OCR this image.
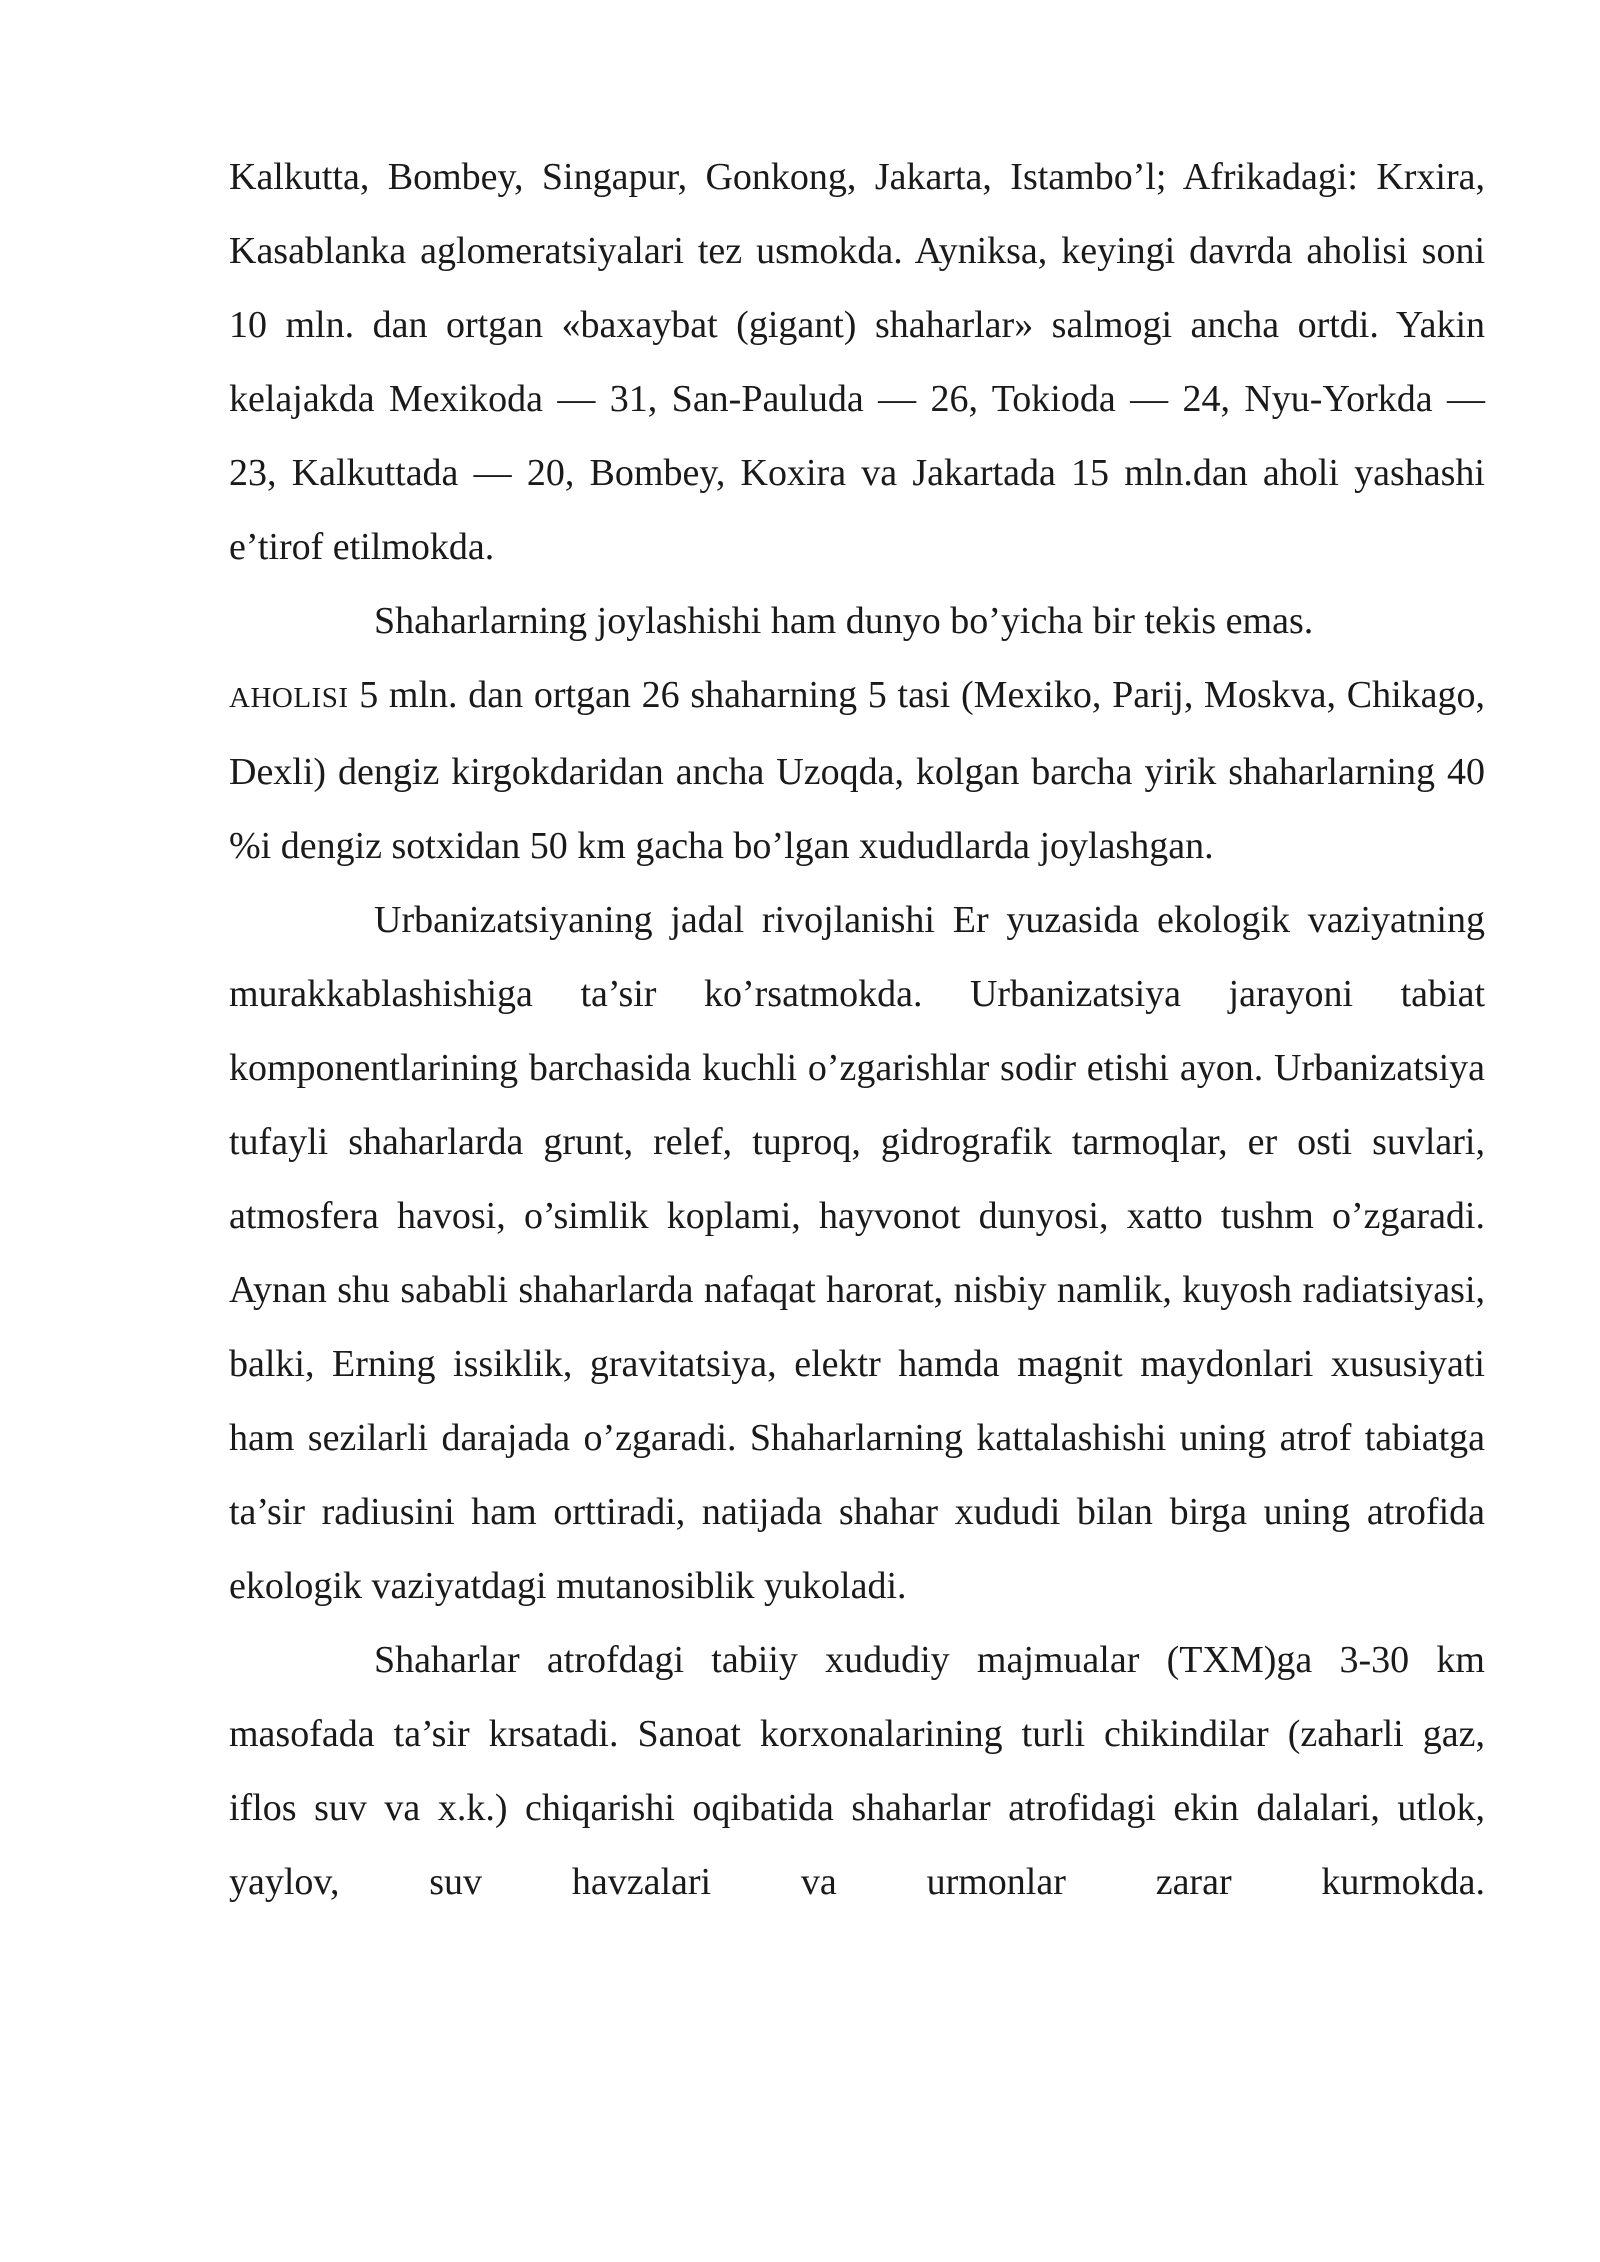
Kalkutta, Bombey, Singapur, Gonkong, Jakarta, Istambo’l; Afrikadagi: Krxira, Kasablanka aglomeratsiyalari tez usmokda. Ayniksa, keyingi davrda aholisi soni 10 mln. dan ortgan «baxaybat (gigant) shaharlar» salmogi ancha ortdi. Yakin kelajakda Mexikoda — 31, San-Pauluda — 26, Tokioda — 24, Nyu-Yorkda — 23, Kalkuttada — 20, Bombey, Koxira va Jakartada 15 mln.dan aholi yashashi e’tirof etilmokda.

Shaharlarning joylashishi ham dunyo bo’yicha bir tekis emas.
AHOLISI 5 mln. dan ortgan 26 shaharning 5 tasi (Mexiko, Parij, Moskva, Chikago, Dexli) dengiz kirgokdaridan ancha Uzoqda, kolgan barcha yirik shaharlarning 40 %i dengiz sotxidan 50 km gacha bo’lgan xududlarda joylashgan.

Urbanizatsiyaning jadal rivojlanishi Er yuzasida ekologik vaziyatning murakkablashishiga ta’sir ko’rsatmokda. Urbanizatsiya jarayoni tabiat komponentlarining barchasida kuchli o’zgarishlar sodir etishi ayon. Urbanizatsiya tufayli shaharlarda grunt, relef, tuproq, gidrografik tarmoqlar, er osti suvlari, atmosfera havosi, o’simlik koplami, hayvonot dunyosi, xatto tushm o’zgaradi. Aynan shu sababli shaharlarda nafaqat harorat, nisbiy namlik, kuyosh radiatsiyasi, balki, Erning issiklik, gravitatsiya, elektr hamda magnit maydonlari xususiyati ham sezilarli darajada o’zgaradi. Shaharlarning kattalashishi uning atrof tabiatga ta’sir radiusini ham orttiradi, natijada shahar xududi bilan birga uning atrofida ekologik vaziyatdagi mutanosiblik yukoladi.

Shaharlar atrofdagi tabiiy xududiy majmualar (TXM)ga 3-30 km masofada ta’sir krsatadi. Sanoat korxonalarining turli chikindilar (zaharli gaz, iflos suv va x.k.) chiqarishi oqibatida shaharlar atrofidagi ekin dalalari, utlok, yaylov, suv havzalari va urmonlar zarar kurmokda.
